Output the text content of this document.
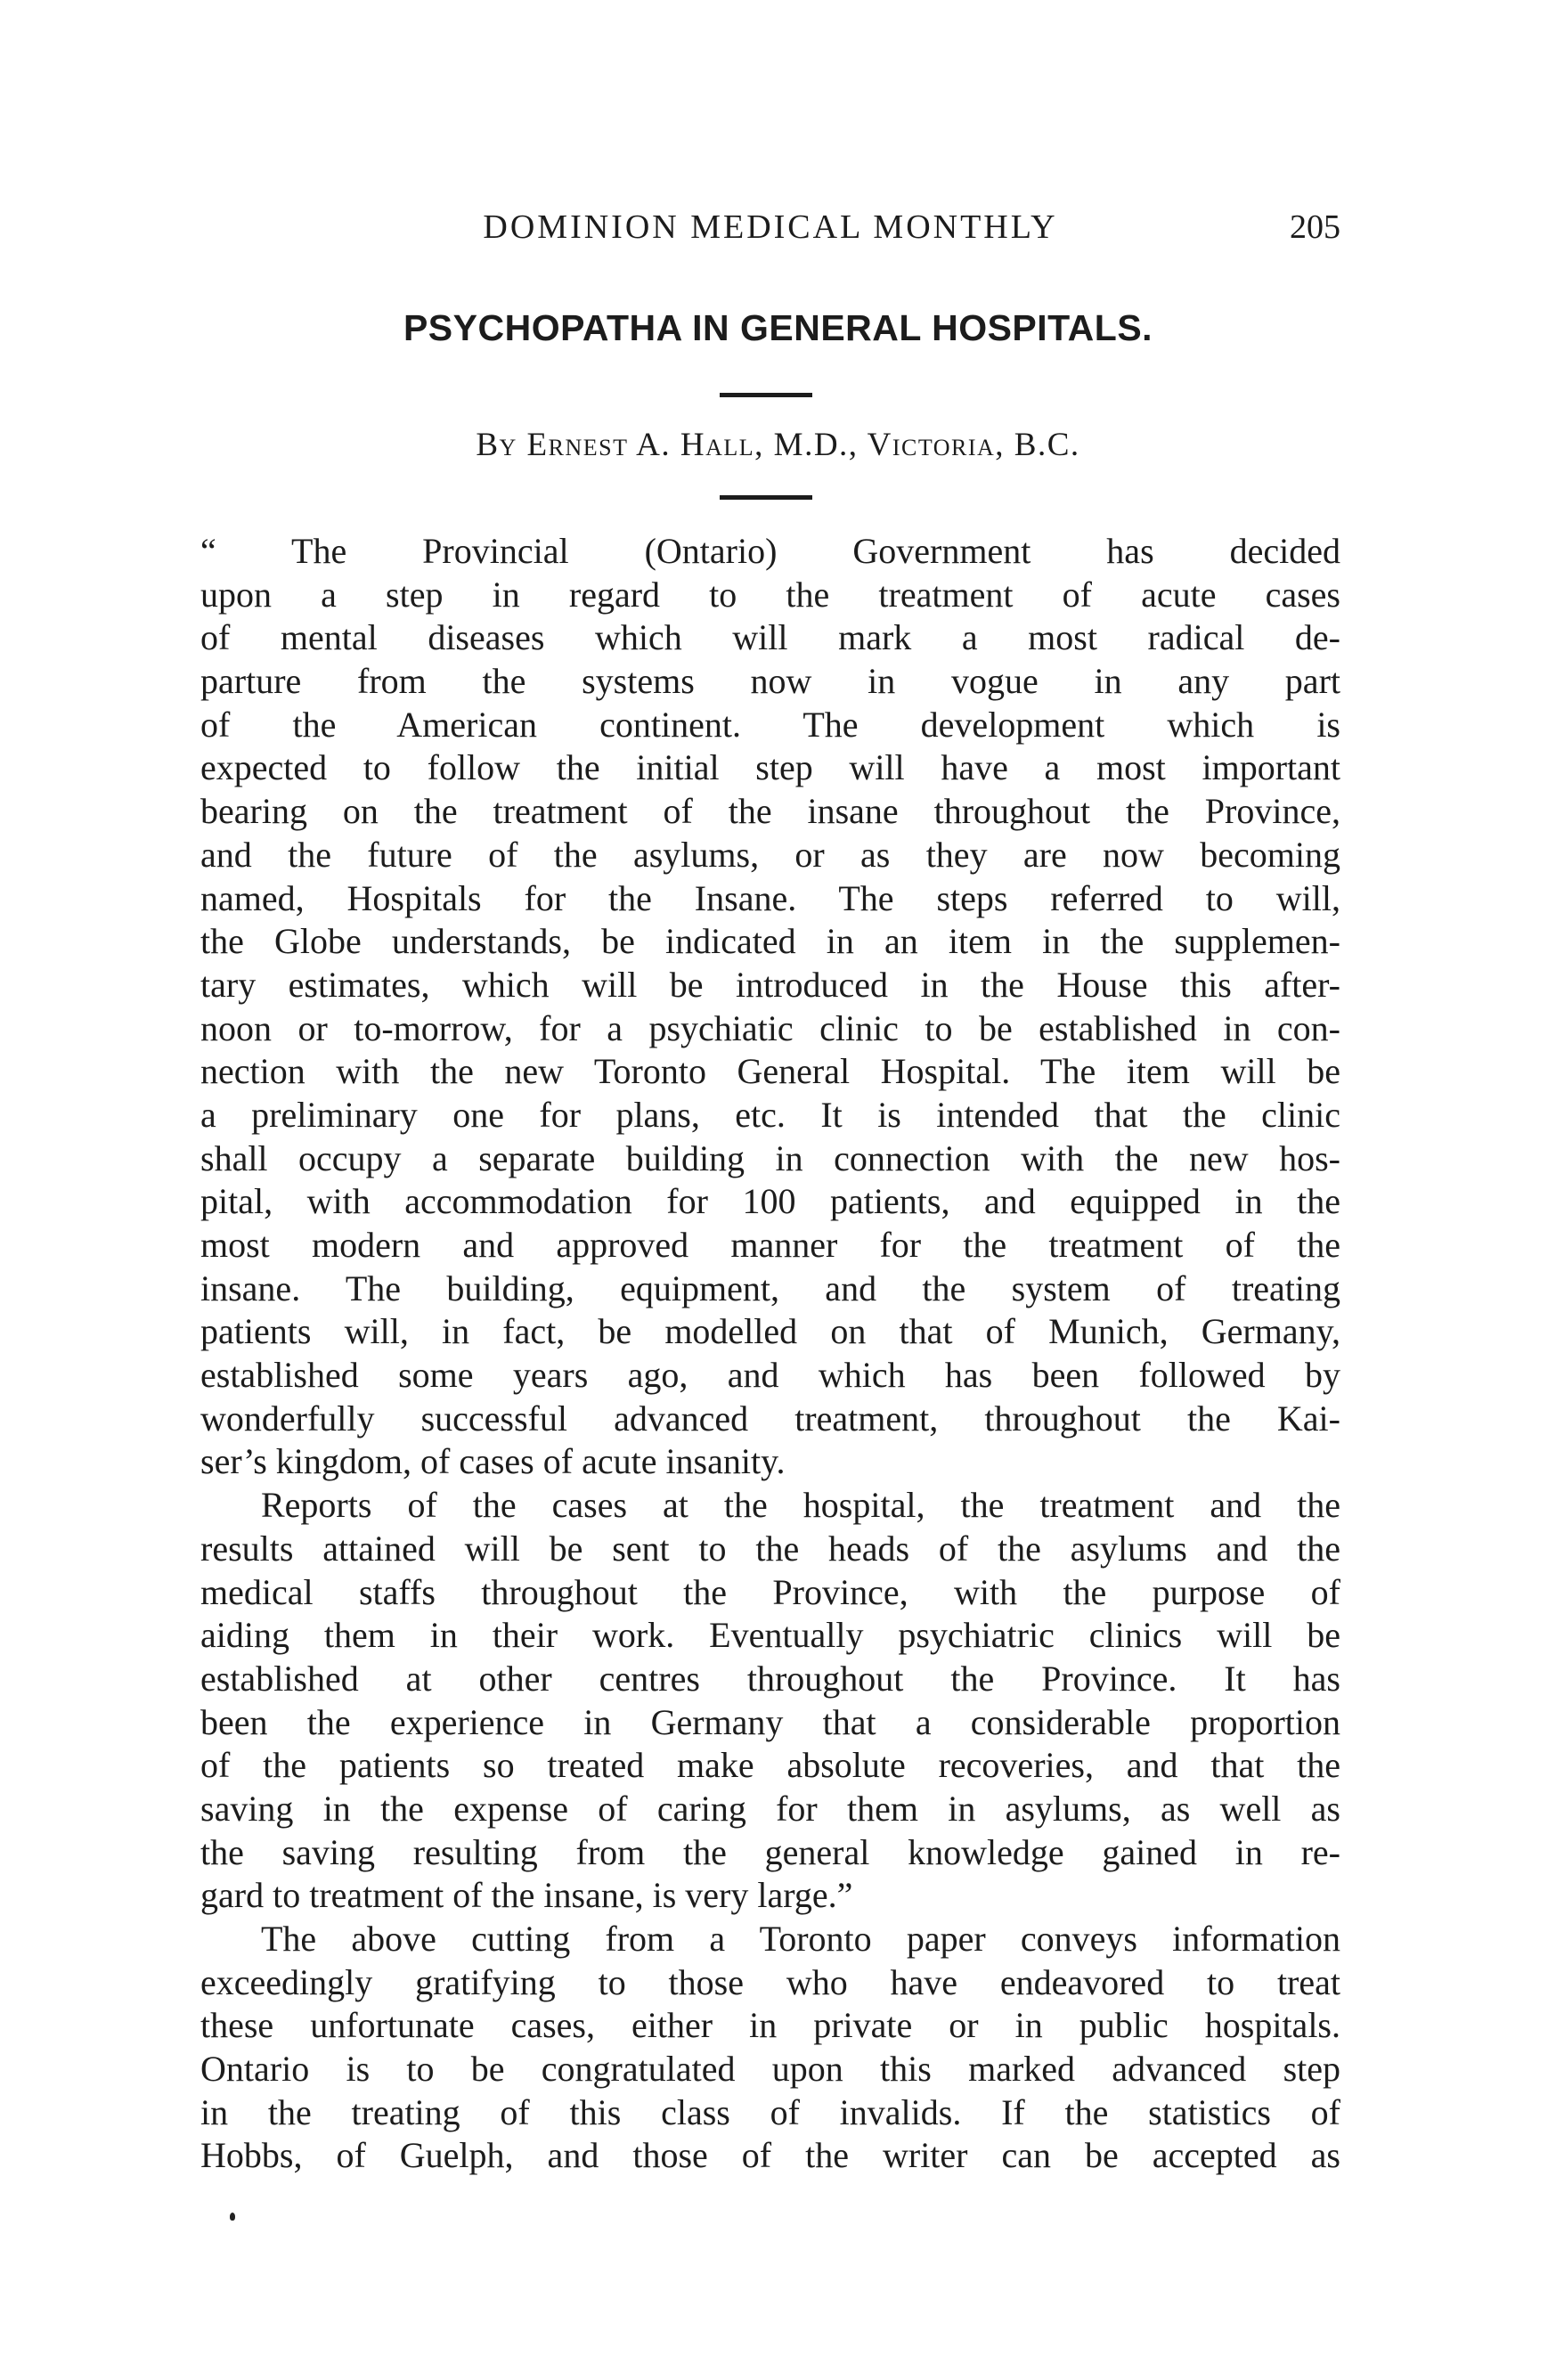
DOMINION MEDICAL MONTHLY	205
PSYCHOPATHA IN GENERAL HOSPITALS.
By Ernest A. Hall, M.D., Victoria, B.C.
“ The Provincial (Ontario) Government has decided
upon a step in regard to the treatment of acute cases
of mental diseases which will mark a most radical de-
parture from the systems now in vogue in any part
of the American continent. The development which is
expected to follow the initial step will have a most important
bearing on the treatment of the insane throughout the Province,
and the future of the asylums, or as they are now becoming
named, Hospitals for the Insane. The steps referred to will,
the Globe understands, be indicated in an item in the supplemen-
tary estimates, which will be introduced in the House this after-
noon or to-morrow, for a psychiatic clinic to be established in con-
nection with the new Toronto General Hospital. The item will be
a preliminary one for plans, etc. It is intended that the clinic
shall occupy a separate building in connection with the new hos-
pital, with accommodation for 100 patients, and equipped in the
most modern and approved manner for the treatment of the
insane. The building, equipment, and the system of treating
patients will, in fact, be modelled on that of Munich, Germany,
established some years ago, and which has been followed by
wonderfully successful advanced treatment, throughout the Kai-
ser’s kingdom, of cases of acute insanity.
Reports of the cases at the hospital, the treatment and the
results attained will be sent to the heads of the asylums and the
medical staffs throughout the Province, with the purpose of
aiding them in their work. Eventually psychiatric clinics will be
established at other centres throughout the Province. It has
been the experience in Germany that a considerable proportion
of the patients so treated make absolute recoveries, and that the
saving in the expense of caring for them in asylums, as well as
the saving resulting from the general knowledge gained in re-
gard to treatment of the insane, is very large.”
The above cutting from a Toronto paper conveys information
exceedingly gratifying to those who have endeavored to treat
these unfortunate cases, either in private or in public hospitals.
Ontario is to be congratulated upon this marked advanced step
in the treating of this class of invalids. If the statistics of
Hobbs, of Guelph, and those of the writer can be accepted as
